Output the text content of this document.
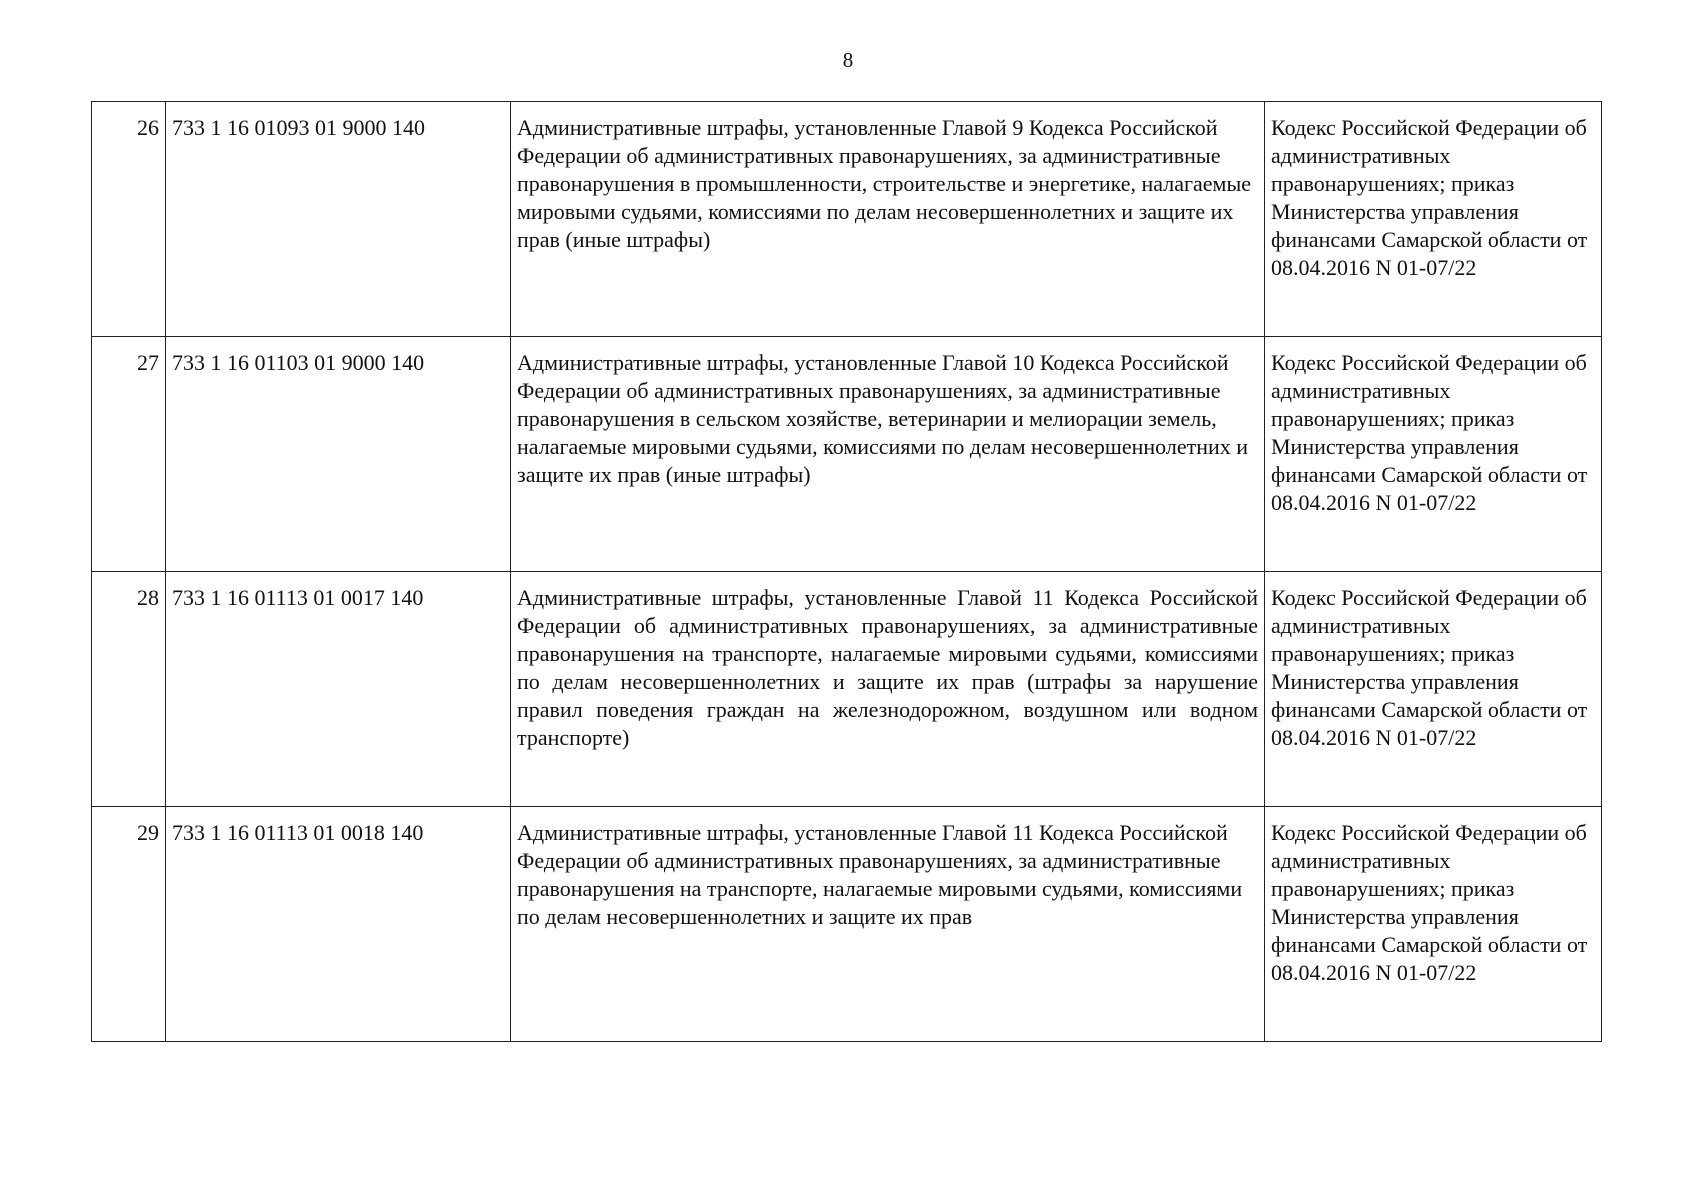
8
26	733 1 16 01093 01 9000 140	Административные штрафы, установленные Главой 9 Кодекса Российской Федерации об административных правонарушениях, за административные правонарушения в промышленности, строительстве и энергетике, налагаемые мировыми судьями, комиссиями по делам несовершеннолетних и защите их прав (иные штрафы)	Кодекс Российской Федерации об административных правонарушениях; приказ Министерства управления финансами Самарской области от 08.04.2016 N 01-07/22
27	733 1 16 01103 01 9000 140	Административные штрафы, установленные Главой 10 Кодекса Российской Федерации об административных правонарушениях, за административные правонарушения в сельском хозяйстве, ветеринарии и мелиорации земель, налагаемые мировыми судьями, комиссиями по делам несовершеннолетних и защите их прав (иные штрафы)	Кодекс Российской Федерации об административных правонарушениях; приказ Министерства управления финансами Самарской области от 08.04.2016 N 01-07/22
28	733 1 16 01113 01 0017 140	Административные штрафы, установленные Главой 11 Кодекса Российской Федерации об административных правонарушениях, за административные правонарушения на транспорте, налагаемые мировыми судьями, комиссиями по делам несовершеннолетних и защите их прав (штрафы за нарушение правил поведения граждан на железнодорожном, воздушном или водном транспорте)	Кодекс Российской Федерации об административных правонарушениях; приказ Министерства управления финансами Самарской области от 08.04.2016 N 01-07/22
29	733 1 16 01113 01 0018 140	Административные штрафы, установленные Главой 11 Кодекса Российской Федерации об административных правонарушениях, за административные правонарушения на транспорте, налагаемые мировыми судьями, комиссиями по делам несовершеннолетних и защите их прав	Кодекс Российской Федерации об административных правонарушениях; приказ Министерства управления финансами Самарской области от 08.04.2016 N 01-07/22
